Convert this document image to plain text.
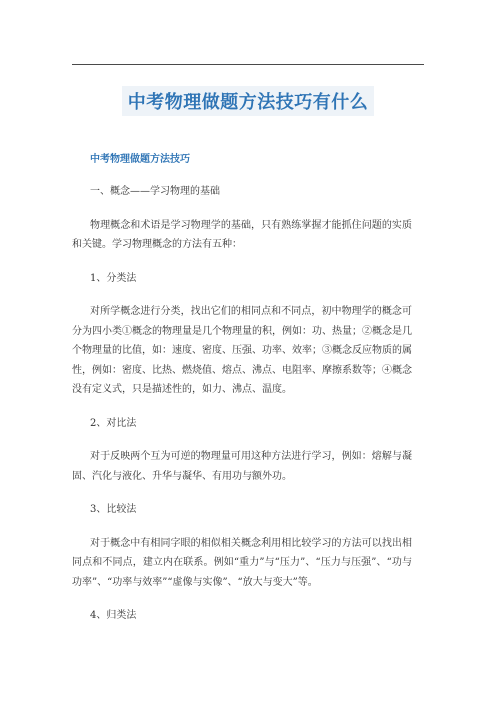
中考物理做题方法技巧有什么
中考物理做题方法技巧
一、概念——学习物理的基础
物理概念和术语是学习物理学的基础，只有熟练掌握才能抓住问题的实质和关键。学习物理概念的方法有五种：
1、分类法
对所学概念进行分类，找出它们的相同点和不同点，初中物理学的概念可分为四小类①概念的物理量是几个物理量的积，例如：功、热量；②概念是几个物理量的比值，如：速度、密度、压强、功率、效率；③概念反应物质的属性，例如：密度、比热、燃烧值、熔点、沸点、电阻率、摩擦系数等；④概念没有定义式，只是描述性的，如力、沸点、温度。
2、对比法
对于反映两个互为可逆的物理量可用这种方法进行学习，例如：熔解与凝固、汽化与液化、升华与凝华、有用功与额外功。
3、比较法
对于概念中有相同字眼的相似相关概念利用相比较学习的方法可以找出相同点和不同点，建立内在联系。例如“重力”与“压力”、“压力与压强”、“功与功率”、“功率与效率”“虚像与实像”、“放大与变大”等。
4、归类法
